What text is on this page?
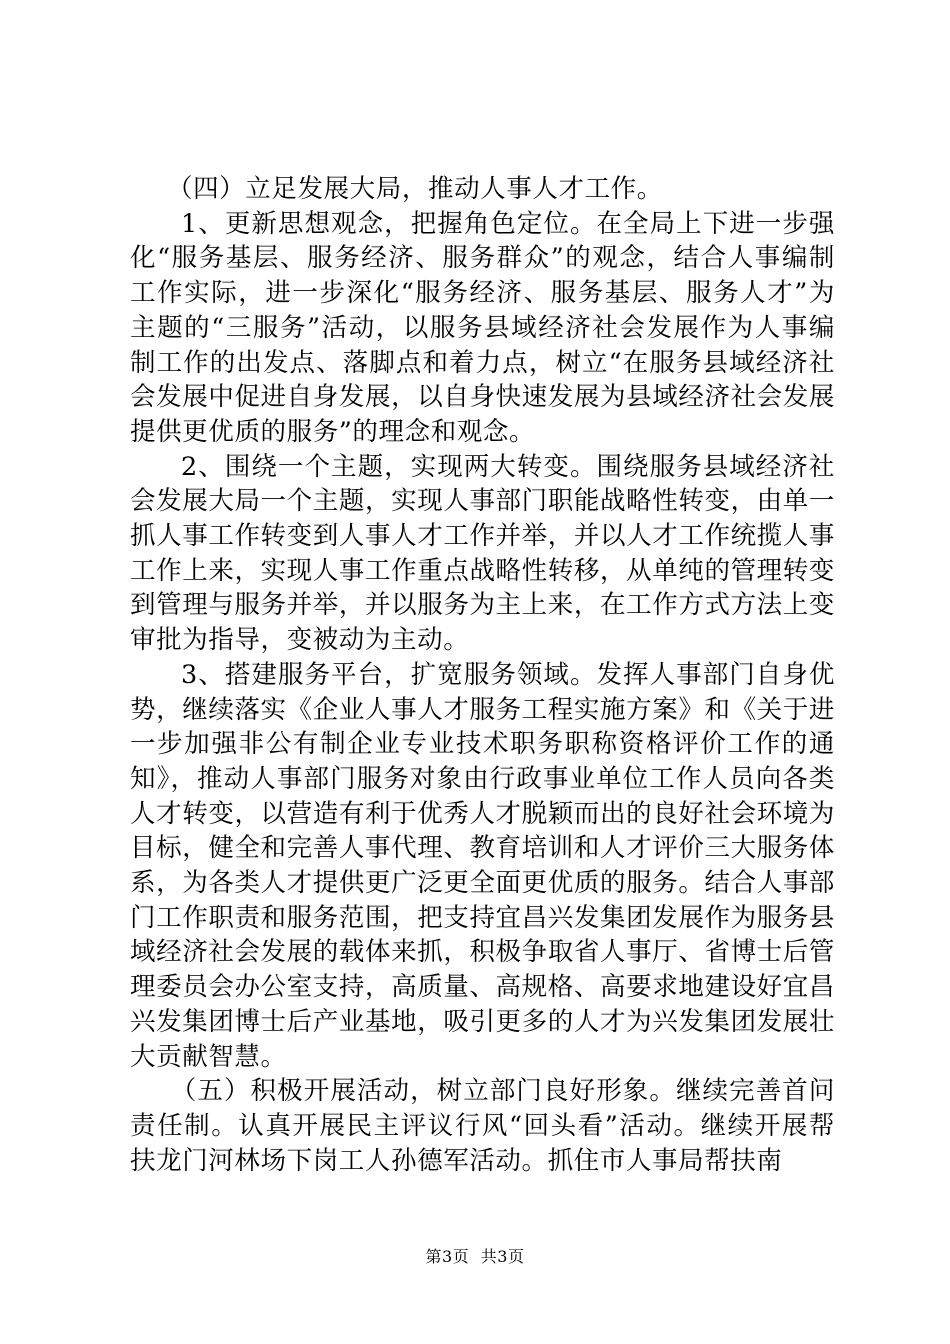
（四）立足发展大局，推动人事人才工作。

1、更新思想观念，把握角色定位。在全局上下进一步强化“服务基层、服务经济、服务群众”的观念，结合人事编制工作实际，进一步深化“服务经济、服务基层、服务人才”为主题的“三服务”活动，以服务县域经济社会发展作为人事编制工作的出发点、落脚点和着力点，树立“在服务县域经济社会发展中促进自身发展，以自身快速发展为县域经济社会发展提供更优质的服务”的理念和观念。

2、围绕一个主题，实现两大转变。围绕服务县域经济社会发展大局一个主题，实现人事部门职能战略性转变，由单一抓人事工作转变到人事人才工作并举，并以人才工作统揽人事工作上来，实现人事工作重点战略性转移，从单纯的管理转变到管理与服务并举，并以服务为主上来，在工作方式方法上变审批为指导，变被动为主动。

3、搭建服务平台，扩宽服务领域。发挥人事部门自身优势，继续落实《企业人事人才服务工程实施方案》和《关于进一步加强非公有制企业专业技术职务职称资格评价工作的通知》，推动人事部门服务对象由行政事业单位工作人员向各类人才转变，以营造有利于优秀人才脱颖而出的良好社会环境为目标，健全和完善人事代理、教育培训和人才评价三大服务体系，为各类人才提供更广泛更全面更优质的服务。结合人事部门工作职责和服务范围，把支持宜昌兴发集团发展作为服务县域经济社会发展的载体来抓，积极争取省人事厅、省博士后管理委员会办公室支持，高质量、高规格、高要求地建设好宜昌兴发集团博士后产业基地，吸引更多的人才为兴发集团发展壮大贡献智慧。

（五）积极开展活动，树立部门良好形象。继续完善首问责任制。认真开展民主评议行风“回头看”活动。继续开展帮扶龙门河林场下岗工人孙德军活动。抓住市人事局帮扶南

第3页 共3页
